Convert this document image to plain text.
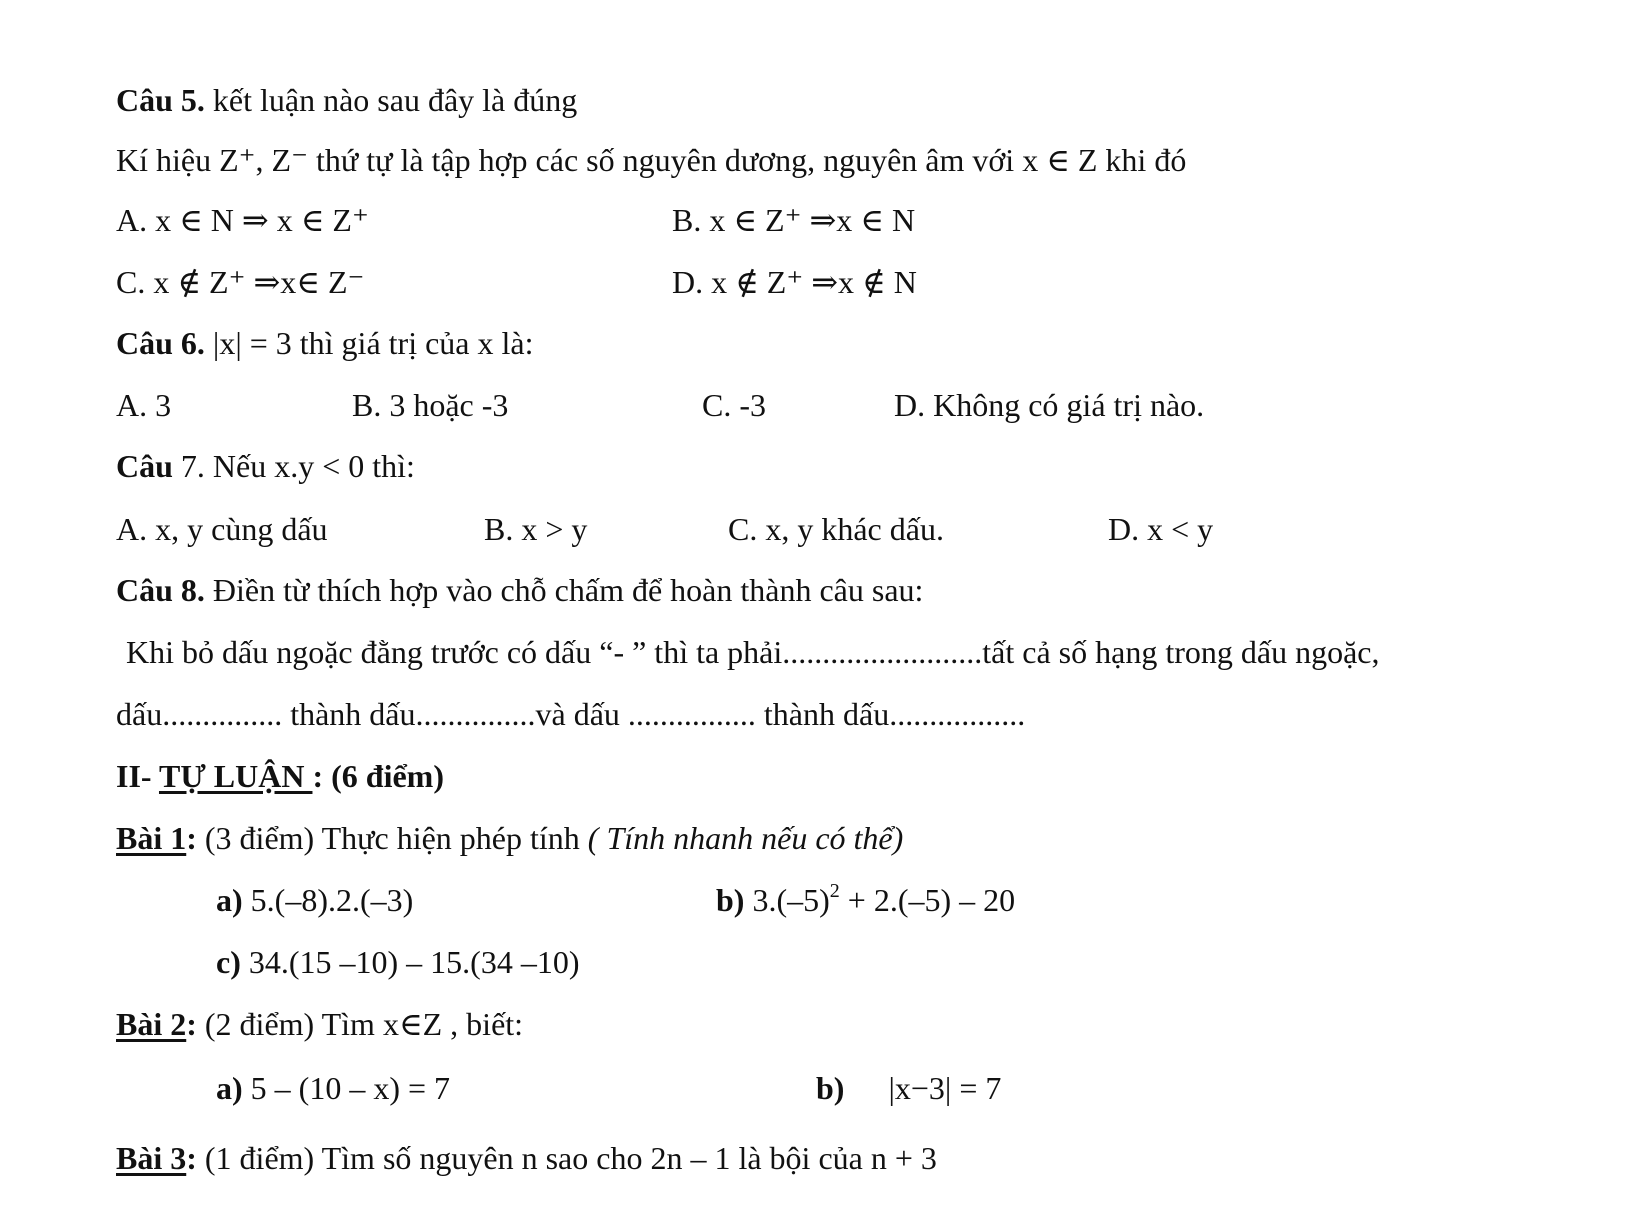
Câu 5. kết luận nào sau đây là đúng
Kí hiệu Z⁺, Z⁻ thứ tự là tập hợp các số nguyên dương, nguyên âm với x ∈ Z khi đó
A. x ∈ N ⇒ x ∈ Z⁺	B. x ∈ Z⁺ ⇒x ∈ N
C. x ∉ Z⁺ ⇒x∈ Z⁻	D. x ∉ Z⁺ ⇒x ∉ N
Câu 6. |x| = 3 thì giá trị của x là:
A. 3	B. 3 hoặc -3	C. -3	D. Không có giá trị nào.
Câu 7. Nếu x.y < 0 thì:
A. x, y cùng dấu	B. x > y	C. x, y khác dấu.	D. x < y
Câu 8. Điền từ thích hợp vào chỗ chấm để hoàn thành câu sau:
Khi bỏ dấu ngoặc đằng trước có dấu “- ” thì ta phải.........................tất cả số hạng trong dấu ngoặc,
dấu............... thành dấu...............và dấu ................ thành dấu.................
II- TỰ LUẬN : (6 điểm)
Bài 1: (3 điểm) Thực hiện phép tính ( Tính nhanh nếu có thể)
a) 5.(–8).2.(–3)	b) $3.(-5)^2 + 2.(-5) - 20$
c) 34.(15 –10) – 15.(34 –10)
Bài 2: (2 điểm) Tìm x∈Z , biết:
a) 5 – (10 – x) = 7	b) |x−3| = 7
Bài 3: (1 điểm) Tìm số nguyên n sao cho 2n – 1 là bội của n + 3
